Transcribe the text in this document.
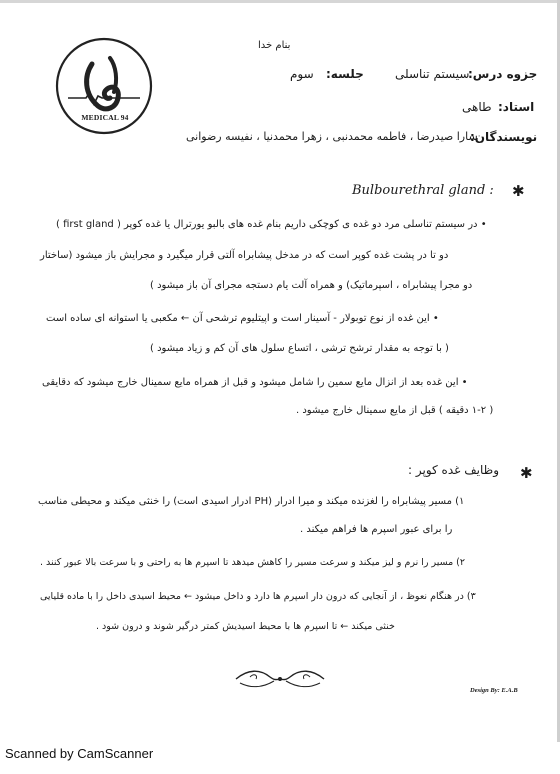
MEDICAL 94
بنام خدا
جزوه درس:
سیستم تناسلی
جلسه:
سوم
استاد:
طاهی
نویسندگان:
سارا صیدرضا ، فاطمه محمدنبی ، زهرا محمدنیا ، نفیسه رضوانی
✱
Bulbourethral gland :
• در سیستم تناسلی مرد دو غده ی کوچکی داریم بنام غده های بالبو یورترال یا غده کوپر ( first gland )
دو تا در پشت غده کوپر است که در مدخل پیشابراه آلتی قرار میگیرد و مجرایش باز میشود (ساختار
دو مجرا پیشابراه ، اسپرماتیک) و همراه آلت یام دستجه مجرای آن باز میشود )
• این غده از نوع توبولار - آسینار است و اپیتلیوم ترشحی آن ← مکعبی یا استوانه ای ساده است
( با توجه به مقدار ترشح ترشی ، اتساع سلول های آن کم و زیاد میشود )
• این غده بعد از انزال مایع سمین را شامل میشود و قبل از همراه مایع سمینال خارج میشود که دقایقی
( ۱-۲ دقیقه ) قبل از مایع سمینال خارج میشود .
✱
وظایف غده کوپر :
۱) مسیر پیشابراه را لغزنده میکند و میرا ادرار (PH ادرار اسیدی است) را خنثی میکند و محیطی مناسب
را برای عبور اسپرم ها فراهم میکند .
۲) مسیر را نرم و لیز میکند و سرعت مسیر را کاهش میدهد تا اسپرم ها به راحتی و با سرعت بالا عبور کنند .
۳) در هنگام نعوظ ، از آنجایی که درون دار اسپرم ها دارد و داخل میشود ← محیط اسیدی داخل را با ماده قلیایی
خنثی میکند ← تا اسپرم ها با محیط اسیدیش کمتر درگیر شوند و درون شود .
Design By: E.A.B
Scanned by CamScanner
